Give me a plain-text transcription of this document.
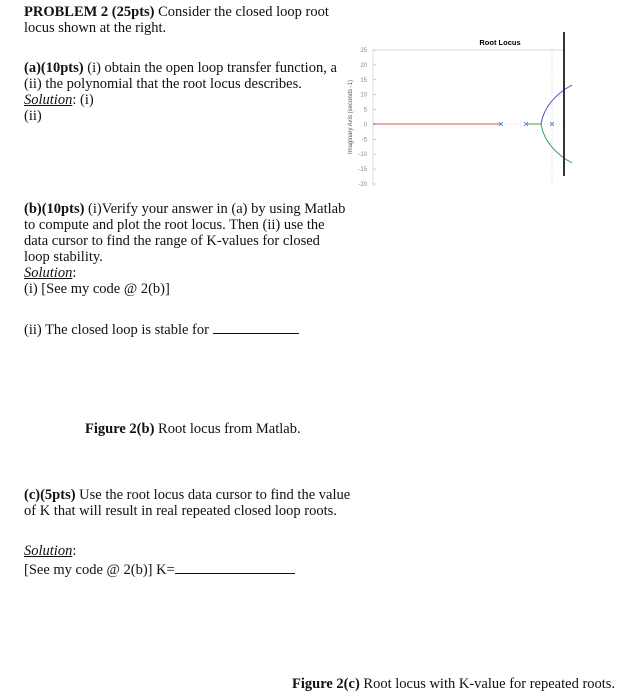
PROBLEM 2 (25pts) Consider the closed loop root
locus shown at the right.
Root Locus
25
20
15
10
5
0
-5
-10
-15
-20
Imaginary Axis (seconds -1)
(a)(10pts) (i) obtain the open loop transfer function, a
(ii) the polynomial that the root locus describes.
Solution: (i)
(ii)
(b)(10pts) (i)Verify your answer in (a) by using Matlab
to compute and plot the root locus. Then (ii) use the
data cursor to find the range of K-values for closed
loop stability.
Solution:
(i) [See my code @ 2(b)]
(ii) The closed loop is stable for
Figure 2(b) Root locus from Matlab.
(c)(5pts) Use the root locus data cursor to find the value
of K that will result in real repeated closed loop roots.
Solution:
[See my code @ 2(b)] K=
Figure 2(c) Root locus with K-value for repeated roots.
